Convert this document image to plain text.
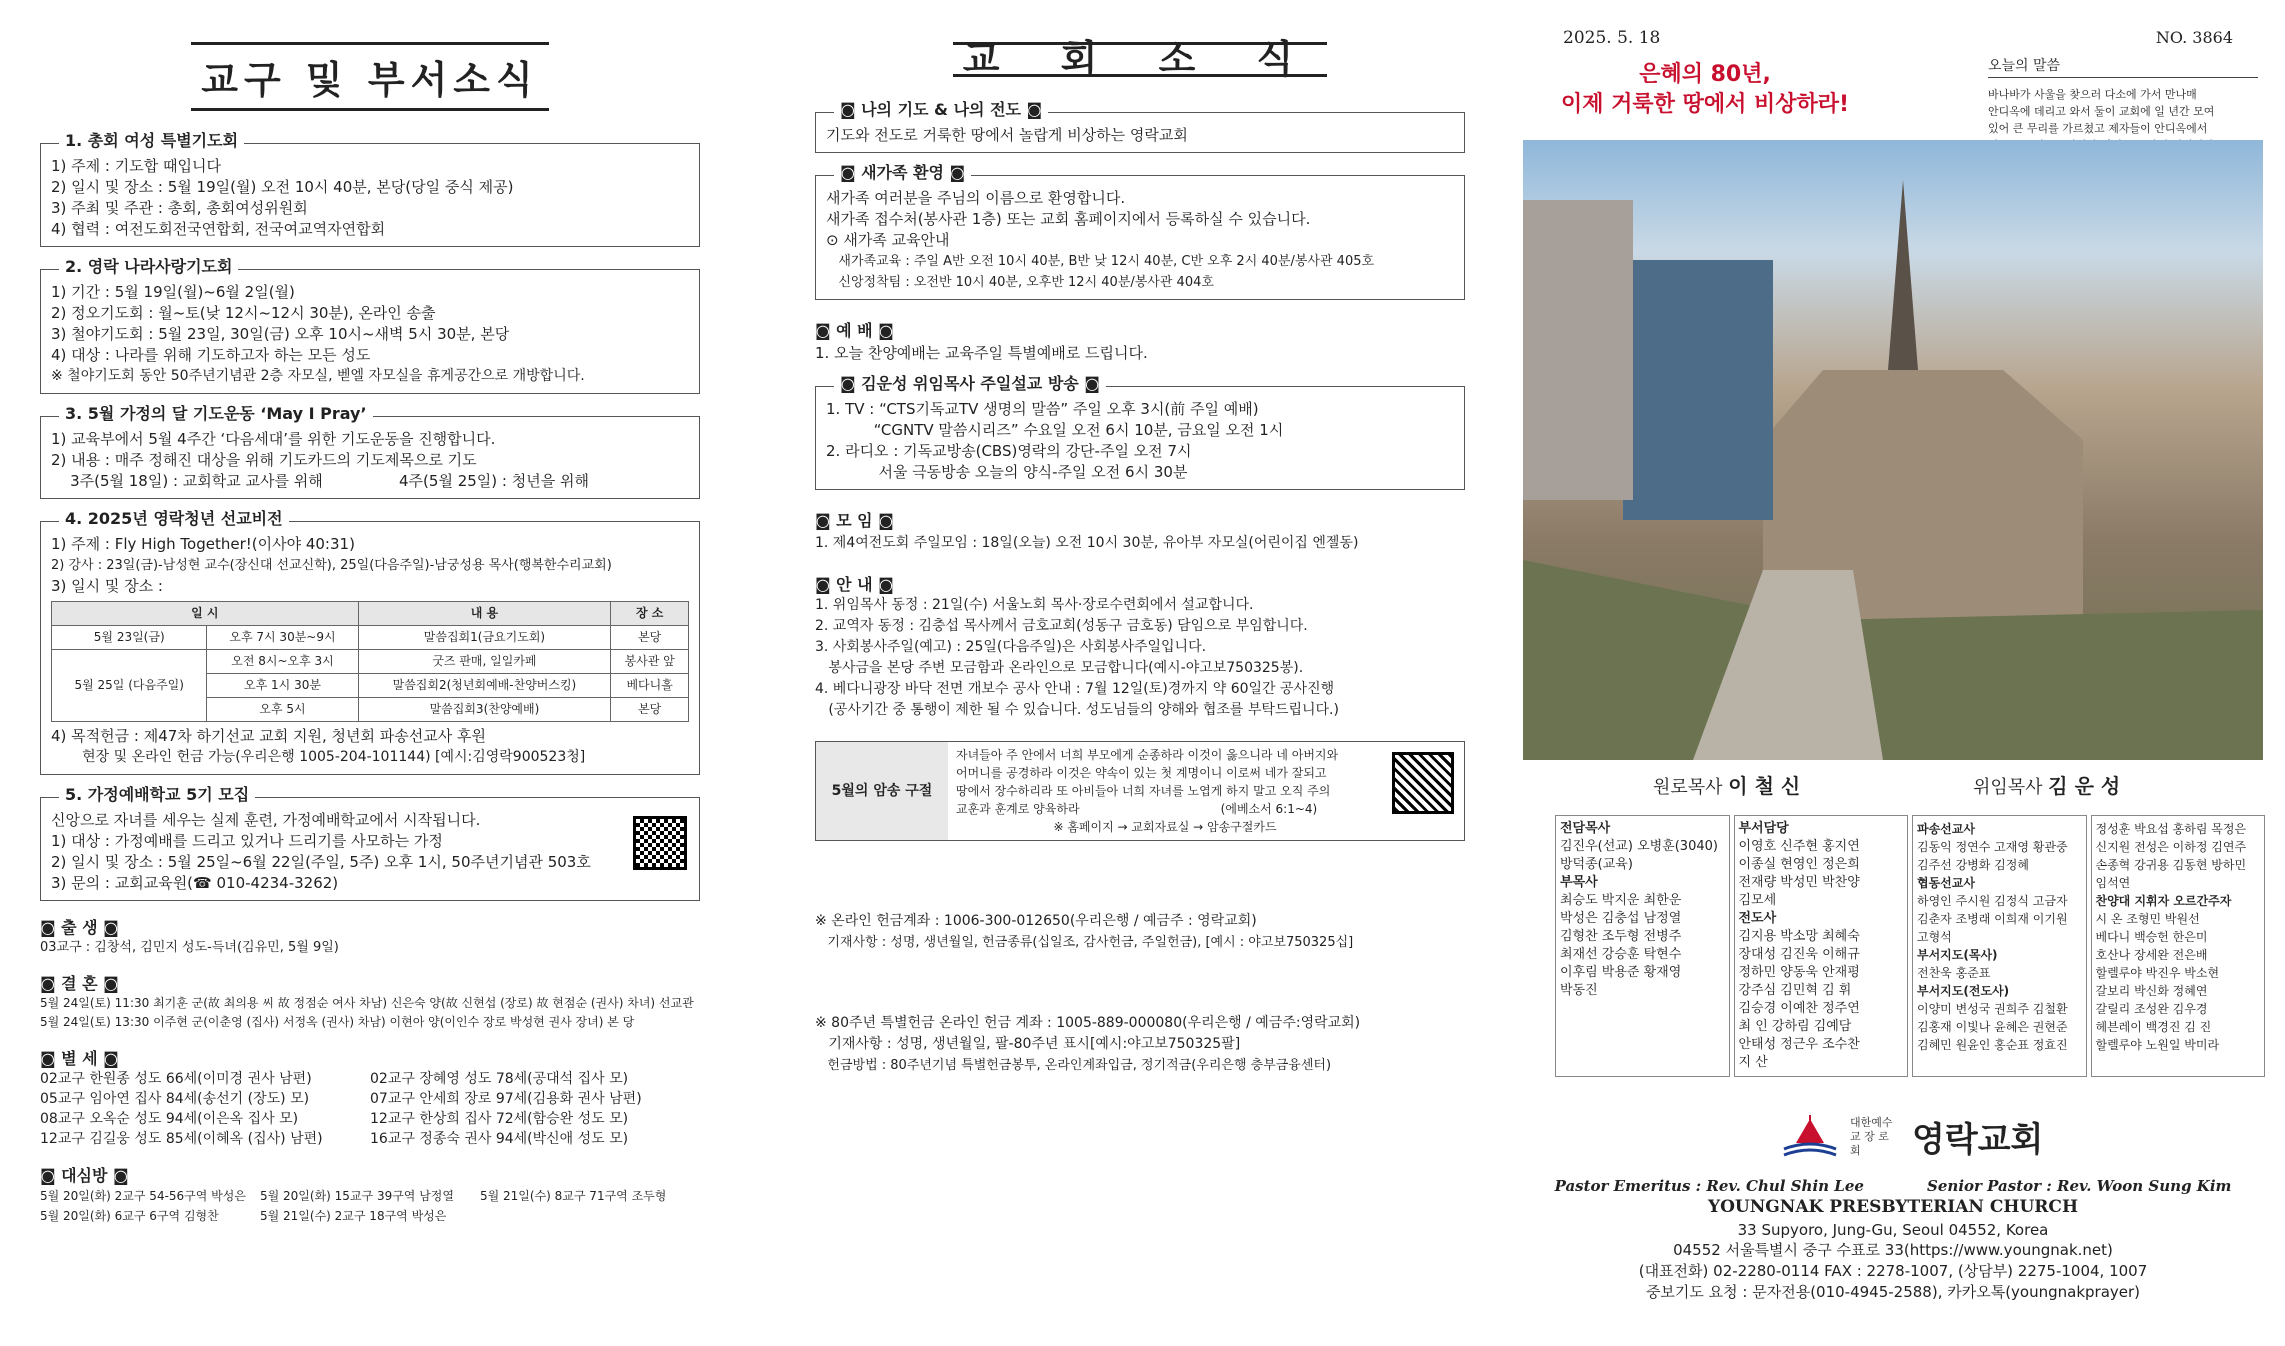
교구 및 부서소식
1. 총회 여성 특별기도회

1) 주제 : 기도합 때입니다

2) 일시 및 장소 : 5월 19일(월) 오전 10시 40분, 본당(당일 중식 제공)

3) 주최 및 주관 : 총회, 총회여성위원회

4) 협력 : 여전도회전국연합회, 전국여교역자연합회

2. 영락 나라사랑기도회

1) 기간 : 5월 19일(월)~6월 2일(월)

2) 정오기도회 : 월~토(낮 12시~12시 30분), 온라인 송출

3) 철야기도회 : 5월 23일, 30일(금) 오후 10시~새벽 5시 30분, 본당

4) 대상 : 나라를 위해 기도하고자 하는 모든 성도

※ 철야기도회 동안 50주년기념관 2층 자모실, 벧엘 자모실을 휴게공간으로 개방합니다.

3. 5월 가정의 달 기도운동 ‘May I Pray’

1) 교육부에서 5월 4주간 ‘다음세대’를 위한 기도운동을 진행합니다.

2) 내용 : 매주 정해진 대상을 위해 기도카드의 기도제목으로 기도

3주(5월 18일) : 교회학교 교사를 위해                4주(5월 25일) : 청년을 위해

4. 2025년 영락청년 선교비전

1) 주제 : Fly High Together!(이사야 40:31)

2) 강사 : 23일(금)-남성현 교수(장신대 선교신학), 25일(다음주일)-남궁성용 목사(행복한수리교회)

3) 일시 및 장소 :

일 시		내 용	장 소
5월 23일(금)	오후 7시 30분~9시	말씀집회1(금요기도회)	본당
5월 25일 (다음주일)	오전 8시~오후 3시	굿즈 판매, 일일카페	봉사관 앞
	오후 1시 30분	말씀집회2(청년회예배-찬양버스킹)	베다니홀
	오후 5시	말씀집회3(찬양예배)	본당

4) 목적헌금 : 제47차 하기선교 교회 지원, 청년회 파송선교사 후원

현장 및 온라인 헌금 가능(우리은행 1005-204-101144) [예시:김영락900523청]

5. 가정예배학교 5기 모집

신앙으로 자녀를 세우는 실제 훈련, 가정예배학교에서 시작됩니다.

1) 대상 : 가정예배를 드리고 있거나 드리기를 사모하는 가정

2) 일시 및 장소 : 5월 25일~6월 22일(주일, 5주) 오후 1시, 50주년기념관 503호

3) 문의 : 교회교육원(☎ 010-4234-3262)

◙ 출 생 ◙
03교구 : 김창석, 김민지 성도-득녀(김유민, 5월 9일)
◙ 결 혼 ◙
5월 24일(토) 11:30 최기훈 군(故 최의용 씨 故 정점순 여사 차남) 신은숙 양(故 신현섭 (장로) 故 현점순 (권사) 차녀) 선교관
5월 24일(토) 13:30 이주현 군(이춘영 (집사) 서정옥 (권사) 차남) 이현아 양(이인수 장로 박성현 권사 장녀) 본 당
◙ 별 세 ◙
02교구 한원종 성도 66세(이미경 권사 남편)	02교구 장혜영 성도 78세(공대석 집사 모)
05교구 임아연 집사 84세(송선기 (장도) 모)	07교구 안세희 장로 97세(김용화 권사 남편)
08교구 오옥순 성도 94세(이은옥 집사 모)	12교구 한상희 집사 72세(함승완 성도 모)
12교구 김길웅 성도 85세(이혜옥 (집사) 남편)	16교구 정종숙 권사 94세(박신애 성도 모)
◙ 대심방 ◙
5월 20일(화) 2교구 54-56구역 박성은	5월 20일(화) 15교구 39구역 남정열	5월 21일(수) 8교구 71구역 조두형
5월 20일(화) 6교구 6구역 김형찬	5월 21일(수) 2교구 18구역 박성은
교 회 소 식
◙ 나의 기도 & 나의 전도 ◙

기도와 전도로 거룩한 땅에서 놀랍게 비상하는 영락교회

◙ 새가족 환영 ◙

새가족 여러분을 주님의 이름으로 환영합니다.

새가족 접수처(봉사관 1층) 또는 교회 홈페이지에서 등록하실 수 있습니다.

⊙ 새가족 교육안내

새가족교육 : 주일 A반 오전 10시 40분, B반 낮 12시 40분, C반 오후 2시 40분/봉사관 405호

신앙정착팀 : 오전반 10시 40분, 오후반 12시 40분/봉사관 404호

◙ 예 배 ◙

1. 오늘 찬양예배는 교육주일 특별예배로 드립니다.

◙ 김운성 위임목사 주일설교 방송 ◙

1. TV : “CTS기독교TV 생명의 말씀” 주일 오후 3시(前 주일 예배)

“CGNTV 말씀시리즈” 수요일 오전 6시 10분, 금요일 오전 1시

2. 라디오 : 기독교방송(CBS)영락의 강단-주일 오전 7시

서울 극동방송 오늘의 양식-주일 오전 6시 30분

◙ 모 임 ◙

1. 제4여전도회 주일모임 : 18일(오늘) 오전 10시 30분, 유아부 자모실(어린이집 엔젤동)

◙ 안 내 ◙

1. 위임목사 동정 : 21일(수) 서울노회 목사·장로수련회에서 설교합니다.

2. 교역자 동정 : 김충섭 목사께서 금호교회(성동구 금호동) 담임으로 부임합니다.

3. 사회봉사주일(예고) : 25일(다음주일)은 사회봉사주일입니다.

봉사금을 본당 주변 모금함과 온라인으로 모금합니다(예시-야고보750325봉).

4. 베다니광장 바닥 전면 개보수 공사 안내 : 7월 12일(토)경까지 약 60일간 공사진행

(공사기간 중 통행이 제한 될 수 있습니다. 성도님들의 양해와 협조를 부탁드립니다.)

5월의 암송 구절
자녀들아 주 안에서 너희 부모에게 순종하라 이것이 옳으니라 네 아버지와
어머니를 공경하라 이것은 약속이 있는 첫 계명이니 이로써 네가 잘되고
땅에서 장수하리라 또 아비들아 너희 자녀를 노엽게 하지 말고 오직 주의
교훈과 훈계로 양육하라                                     (에베소서 6:1~4)
※ 홈페이지 → 교회자료실 → 암송구절카드

※ 온라인 헌금계좌 : 1006-300-012650(우리은행 / 예금주 : 영락교회)

기재사항 : 성명, 생년월일, 헌금종류(십일조, 감사헌금, 주일헌금), [예시 : 야고보750325십]

※ 80주년 특별헌금 온라인 헌금 계좌 : 1005-889-000080(우리은행 / 예금주:영락교회)

기재사항 : 성명, 생년월일, 팔-80주년 표시[예시:야고보750325팔]

헌금방법 : 80주년기념 특별헌금봉투, 온라인계좌입금, 정기적금(우리은행 충부금융센터)

2025. 5. 18	NO. 3864
은혜의 80년,
이제 거룩한 땅에서 비상하라!
오늘의 말씀
바나바가 사울을 찾으러 다소에 가서 만나매
안디옥에 데리고 와서 둘이 교회에 일 년간 모여
있어 큰 무리를 가르쳤고 제자들이 안디옥에서
원로목사 이 철 신	위임목사 김 운 성
전담목사
김진우(선교) 오병훈(3040)
방덕종(교육)
부목사
최승도 박지운 최한운
박성은 김충섭 남정열
김형찬 조두형 전병주
최재선 강승훈 탁현수
이후림 박용준 황재영
박동진
부서담당
이영호 신주현 홍지연
이종실 현영인 정은희
전재량 박성민 박찬양
김모세
전도사
김지용 박소망 최혜숙
장대성 김진욱 이해규
정하민 양동욱 안재평
강주심 김민혁 김 휘
김승경 이예찬 정주연
최 인 강하림 김예담
안태성 정근우 조수찬
지 산
파송선교사
김동익 정연수 고재영 황관중
김주선 강병화 김정혜
협동선교사
하영인 주시원 김정식 고금자
김춘자 조병래 이희재 이기원
고형석
부서지도(목사)
전찬욱 홍준표
부서지도(전도사)
이양미 변성국 권희주 김철환
김홍재 이빛나 윤혜은 권현준
김혜민 원윤인 홍순표 정효진
정성훈 박요섭 홍하림 목정은
신지원 전성은 이하정 김연주
손종혁 강귀용 김동현 방하민
임석연
찬양대 지휘자 오르간주자
시 온 조형민 박원선
베다니 백승헌 한은미
호산나 장세완 전은배
할렐루야 박진우 박소현
갈보리 박신화 정혜연
갈릴리 조성완 김우경
헤븐레이 백경진 김 진
할렐루야 노원일 박미라
대한예수교 장 로 회	영락교회
Pastor Emeritus : Rev. Chul Shin Lee	Senior Pastor : Rev. Woon Sung Kim
YOUNGNAK PRESBYTERIAN CHURCH
33 Supyoro, Jung-Gu, Seoul 04552, Korea
04552 서울특별시 중구 수표로 33(https://www.youngnak.net)
(대표전화) 02-2280-0114 FAX : 2278-1007, (상담부) 2275-1004, 1007
중보기도 요청 : 문자전용(010-4945-2588), 카카오톡(youngnakprayer)
